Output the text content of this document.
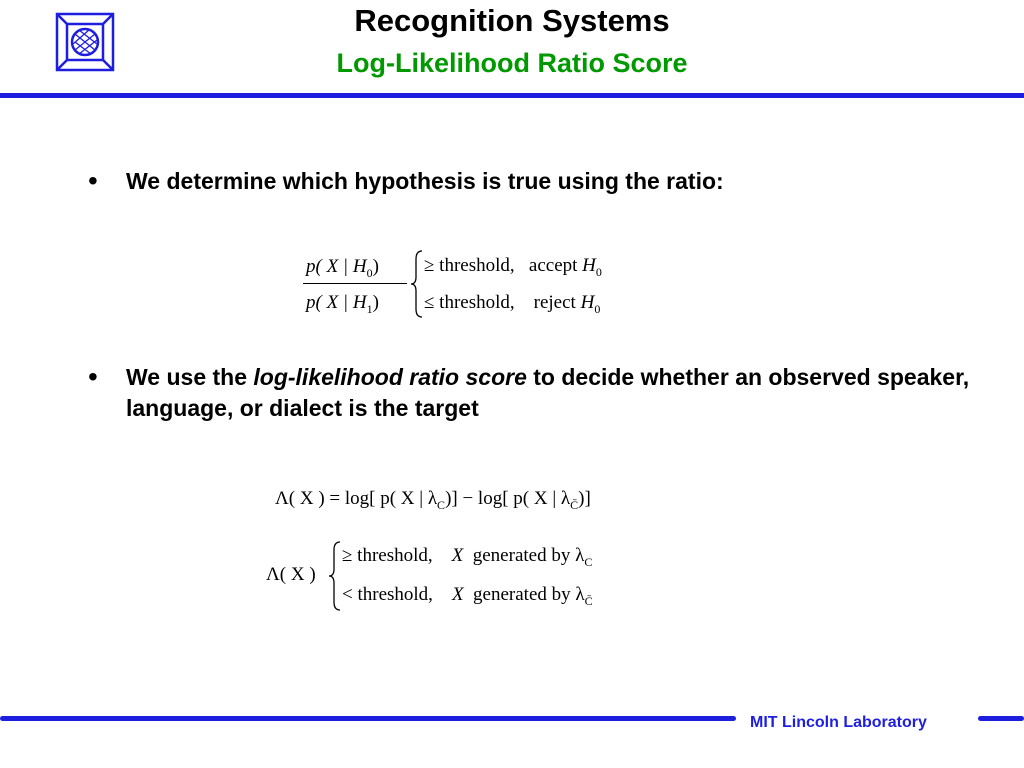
Recognition Systems
Log-Likelihood Ratio Score
• We determine which hypothesis is true using the ratio:
p( X | $H_0$)
p( X | $H_1$)
≥ threshold, accept $H_0$
≤ threshold, reject $H_0$
• We use the log-likelihood ratio score to decide whether an observed speaker, language, or dialect is the target
Λ( X ) = log[ p( X | $\lambda_C)] - \log$[ p( X | $\lambda_{C̄}$)]
Λ( X )
≥ threshold, X generated by $\lambda_C$
< threshold, X generated by $\lambda_{C̄}$
MIT Lincoln Laboratory
